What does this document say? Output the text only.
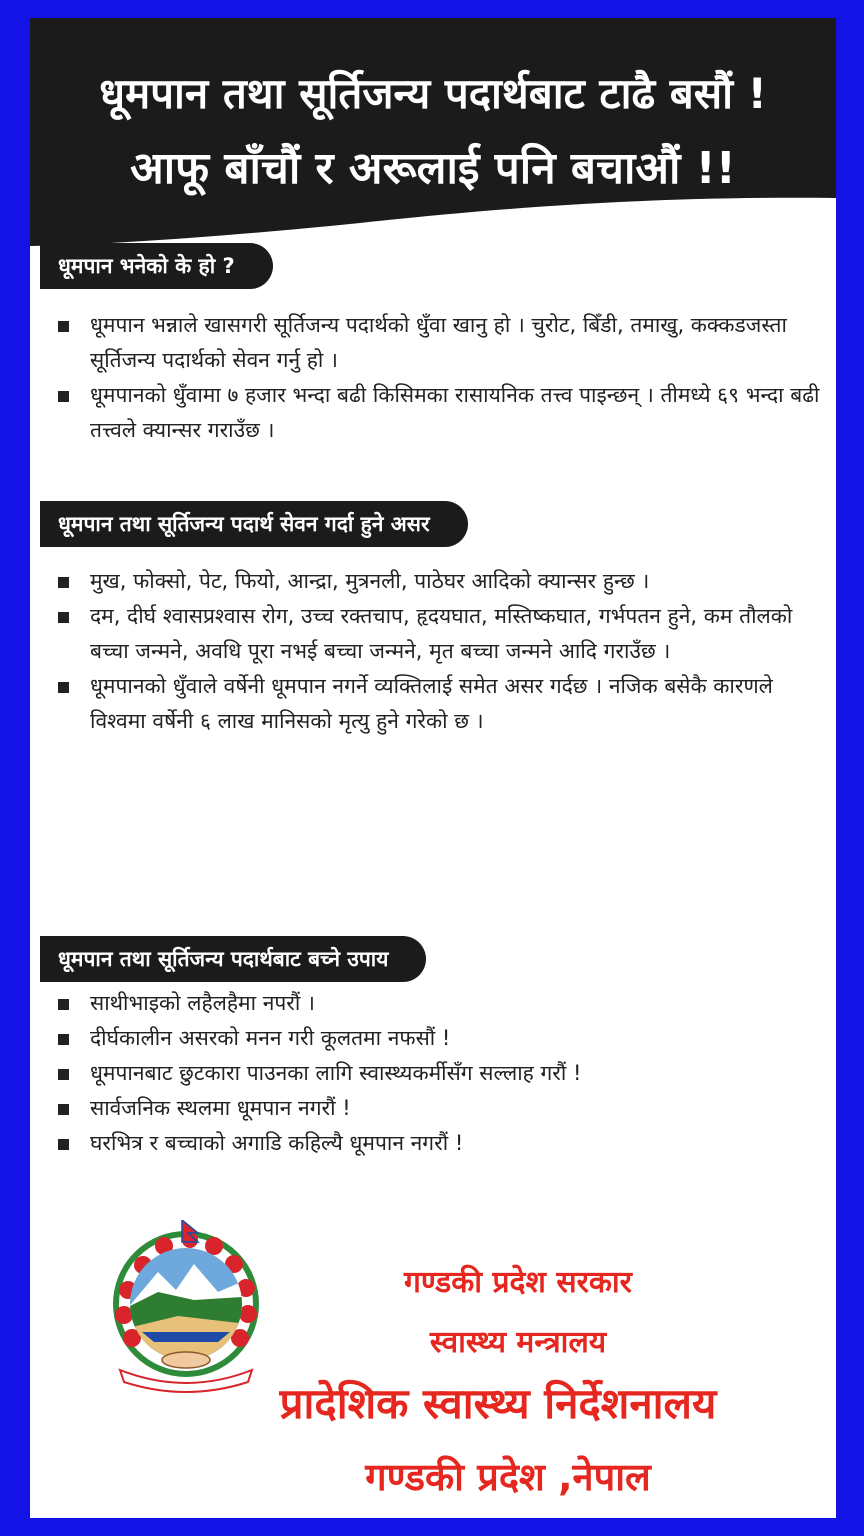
धूमपान तथा सूर्तिजन्य पदार्थबाट टाढै बसौं !
आफू बाँचौं र अरूलाई पनि बचाऔं !!
धूमपान भनेको के हो ?
धूमपान भन्नाले खासगरी सूर्तिजन्य पदार्थको धुँवा खानु हो । चुरोट, बिँडी, तमाखु, कक्कडजस्ता सूर्तिजन्य पदार्थको सेवन गर्नु हो ।
धूमपानको धुँवामा ७ हजार भन्दा बढी किसिमका रासायनिक तत्त्व पाइन्छन् । तीमध्ये ६९ भन्दा बढी तत्त्वले क्यान्सर गराउँछ ।
धूमपान तथा सूर्तिजन्य पदार्थ सेवन गर्दा हुने असर
मुख, फोक्सो, पेट, फियो, आन्द्रा, मुत्रनली, पाठेघर आदिको क्यान्सर हुन्छ ।
दम, दीर्घ श्वासप्रश्वास रोग, उच्च रक्तचाप, हृदयघात, मस्तिष्कघात, गर्भपतन हुने, कम तौलको बच्चा जन्मने, अवधि पूरा नभई बच्चा जन्मने, मृत बच्चा जन्मने आदि गराउँछ ।
धूमपानको धुँवाले वर्षेनी धूमपान नगर्ने व्यक्तिलाई समेत असर गर्दछ । नजिक बसेकै कारणले विश्वमा वर्षेनी ६ लाख मानिसको मृत्यु हुने गरेको छ ।
धूमपान तथा सूर्तिजन्य पदार्थबाट बच्ने उपाय
साथीभाइको लहैलहैमा नपरौं ।
दीर्घकालीन असरको मनन गरी कूलतमा नफसौं !
धूमपानबाट छुटकारा पाउनका लागि स्वास्थ्यकर्मीसँग सल्लाह गरौं !
सार्वजनिक स्थलमा धूमपान नगरौं !
घरभित्र र बच्चाको अगाडि कहिल्यै धूमपान नगरौं !
गण्डकी प्रदेश सरकार
स्वास्थ्य मन्त्रालय
प्रादेशिक स्वास्थ्य निर्देशनालय
गण्डकी प्रदेश ,नेपाल
